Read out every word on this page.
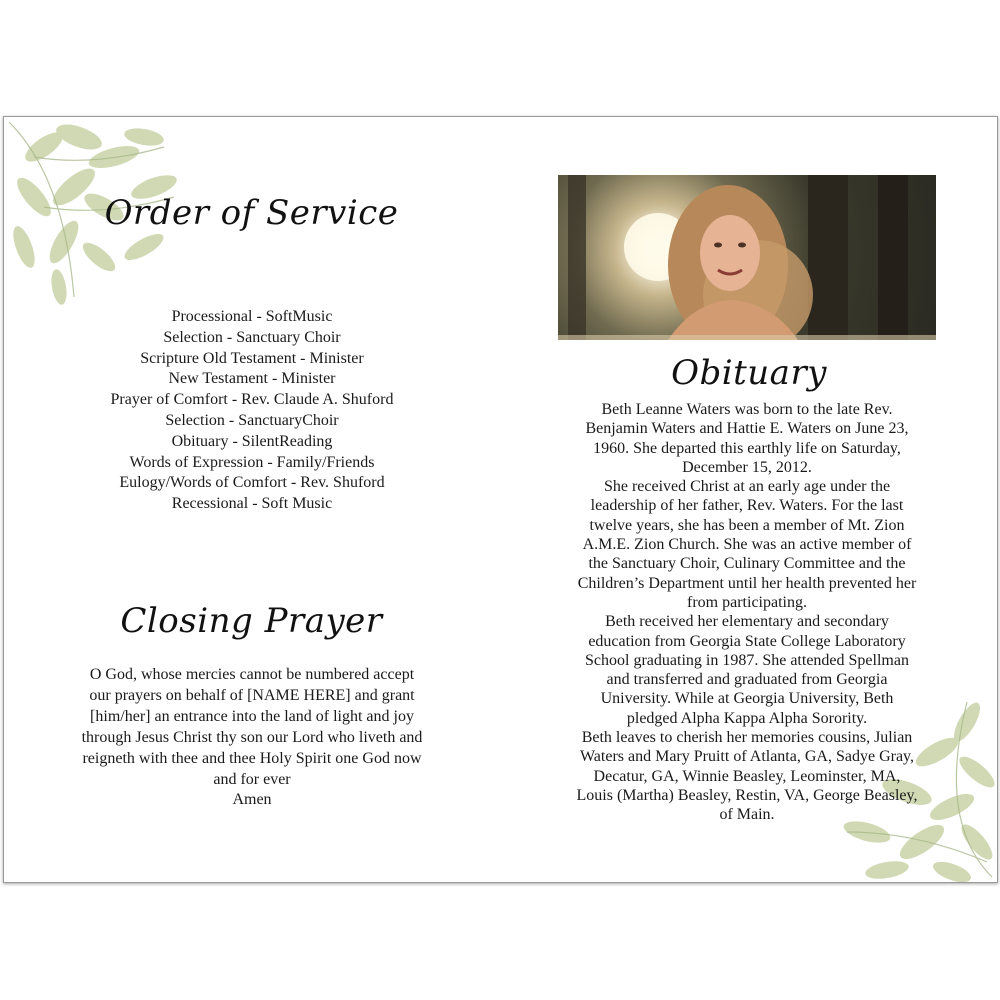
Order of Service
Processional - SoftMusic
Selection - Sanctuary Choir
Scripture Old Testament - Minister
New Testament - Minister
Prayer of Comfort - Rev. Claude A. Shuford
Selection - SanctuaryChoir
Obituary - SilentReading
Words of Expression - Family/Friends
Eulogy/Words of Comfort - Rev. Shuford
Recessional - Soft Music
Closing Prayer
O God, whose mercies cannot be numbered accept
our prayers on behalf of [NAME HERE] and grant
[him/her] an entrance into the land of light and joy
through Jesus Christ thy son our Lord who liveth and
reigneth with thee and thee Holy Spirit one God now
and for ever
Amen
Obituary
Beth Leanne Waters was born to the late Rev.
Benjamin Waters and Hattie E. Waters on June 23,
1960. She departed this earthly life on Saturday,
December 15, 2012.
She received Christ at an early age under the
leadership of her father, Rev. Waters. For the last
twelve years, she has been a member of Mt. Zion
A.M.E. Zion Church. She was an active member of
the Sanctuary Choir, Culinary Committee and the
Children’s Department until her health prevented her
from participating.
Beth received her elementary and secondary
education from Georgia State College Laboratory
School graduating in 1987. She attended Spellman
and transferred and graduated from Georgia
University. While at Georgia University, Beth
pledged Alpha Kappa Alpha Sorority.
Beth leaves to cherish her memories cousins, Julian
Waters and Mary Pruitt of Atlanta, GA, Sadye Gray,
Decatur, GA, Winnie Beasley, Leominster, MA,
Louis (Martha) Beasley, Restin, VA, George Beasley,
of Main.
